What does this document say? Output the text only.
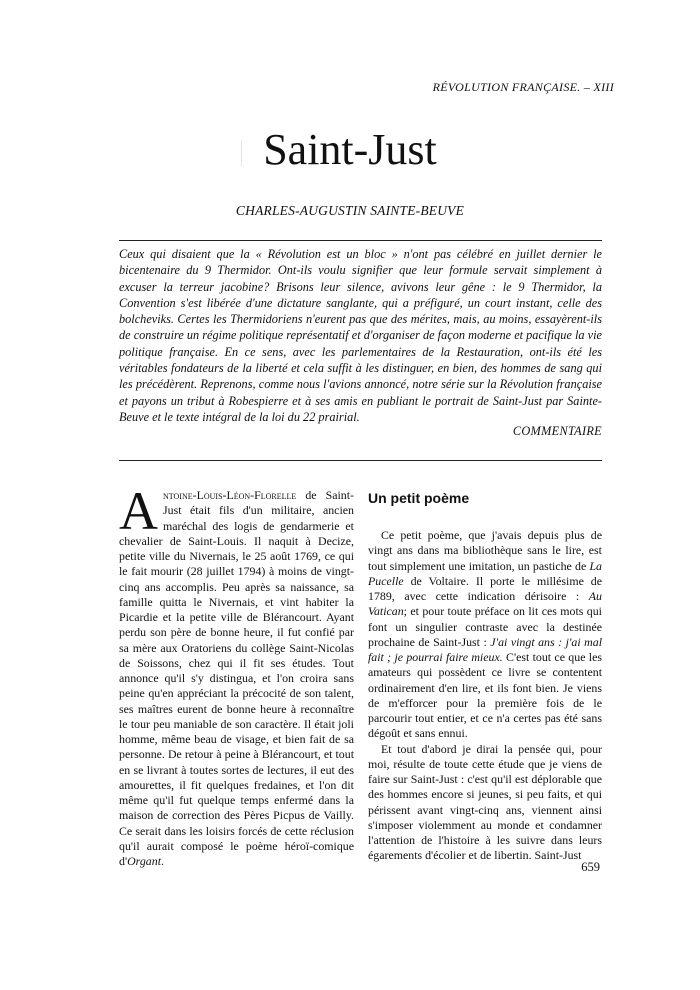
RÉVOLUTION FRANÇAISE. – XIII
Saint-Just
CHARLES-AUGUSTIN SAINTE-BEUVE

Ceux qui disaient que la « Révolution est un bloc » n'ont pas célébré en juillet dernier le bicentenaire du 9 Thermidor. Ont-ils voulu signifier que leur formule servait simplement à excuser la terreur jacobine? Brisons leur silence, avivons leur gêne : le 9 Thermidor, la Convention s'est libérée d'une dictature sanglante, qui a préfiguré, un court instant, celle des bolcheviks. Certes les Thermidoriens n'eurent pas que des mérites, mais, au moins, essayèrent-ils de construire un régime politique représentatif et d'organiser de façon moderne et pacifique la vie politique française. En ce sens, avec les parlementaires de la Restauration, ont-ils été les véritables fondateurs de la liberté et cela suffit à les distinguer, en bien, des hommes de sang qui les précédèrent. Reprenons, comme nous l'avions annoncé, notre série sur la Révolution française et payons un tribut à Robespierre et à ses amis en publiant le portrait de Saint-Just par Sainte-Beuve et le texte intégral de la loi du 22 prairial.

COMMENTAIRE

Antoine-Louis-Léon-Florelle de Saint-Just était fils d'un militaire, ancien maréchal des logis de gendarmerie et chevalier de Saint-Louis. Il naquit à Decize, petite ville du Nivernais, le 25 août 1769, ce qui le fait mourir (28 juillet 1794) à moins de vingt-cinq ans accomplis. Peu après sa naissance, sa famille quitta le Nivernais, et vint habiter la Picardie et la petite ville de Blérancourt. Ayant perdu son père de bonne heure, il fut confié par sa mère aux Oratoriens du collège Saint-Nicolas de Soissons, chez qui il fit ses études. Tout annonce qu'il s'y distingua, et l'on croira sans peine qu'en appréciant la précocité de son talent, ses maîtres eurent de bonne heure à reconnaître le tour peu maniable de son caractère. Il était joli homme, même beau de visage, et bien fait de sa personne. De retour à peine à Blérancourt, et tout en se livrant à toutes sortes de lectures, il eut des amourettes, il fit quelques fredaines, et l'on dit même qu'il fut quelque temps enfermé dans la maison de correction des Pères Picpus de Vailly. Ce serait dans les loisirs forcés de cette réclusion qu'il aurait composé le poème héroï-comique d'Organt.

Un petit poème

Ce petit poème, que j'avais depuis plus de vingt ans dans ma bibliothèque sans le lire, est tout simplement une imitation, un pastiche de La Pucelle de Voltaire. Il porte le millésime de 1789, avec cette indication dérisoire : Au Vatican; et pour toute préface on lit ces mots qui font un singulier contraste avec la destinée prochaine de Saint-Just : J'ai vingt ans : j'ai mal fait ; je pourrai faire mieux. C'est tout ce que les amateurs qui possèdent ce livre se contentent ordinairement d'en lire, et ils font bien. Je viens de m'efforcer pour la première fois de le parcourir tout entier, et ce n'a certes pas été sans dégoût et sans ennui.

Et tout d'abord je dirai la pensée qui, pour moi, résulte de toute cette étude que je viens de faire sur Saint-Just : c'est qu'il est déplorable que des hommes encore si jeunes, si peu faits, et qui périssent avant vingt-cinq ans, viennent ainsi s'imposer violemment au monde et condamner l'attention de l'histoire à les suivre dans leurs égarements d'écolier et de libertin. Saint-Just

659
